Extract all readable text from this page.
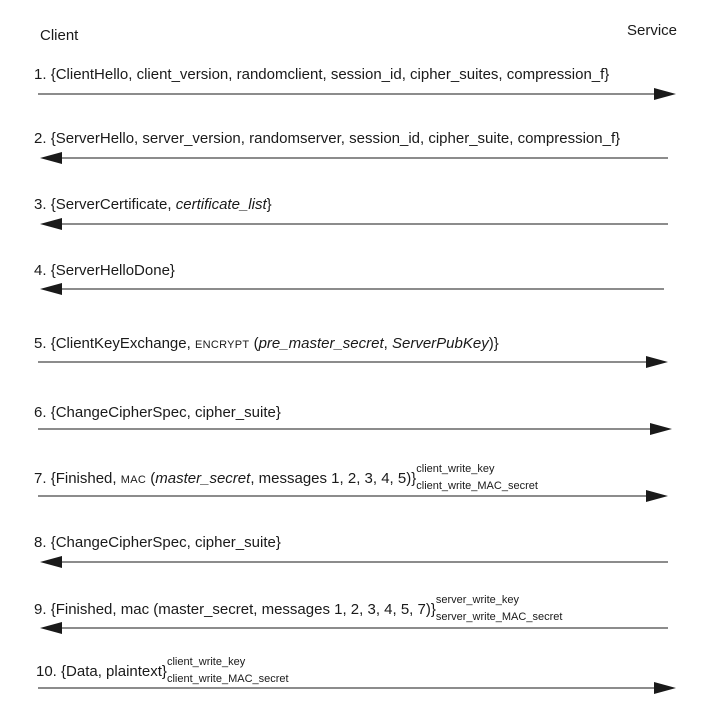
Client	Service
1. {ClientHello, client_version, randomclient, session_id, cipher_suites, compression_f}
2. {ServerHello, server_version, randomserver, session_id, cipher_suite, compression_f}
3. {ServerCertificate, certificate_list}
4. {ServerHelloDone}
5. {ClientKeyExchange, ENCRYPT (pre_master_secret, ServerPubKey)}
6. {ChangeCipherSpec, cipher_suite}
7. {Finished, MAC (master_secret, messages 1, 2, 3, 4, 5)}
client_write_key
client_write_MAC_secret
8. {ChangeCipherSpec, cipher_suite}
9. {Finished, mac (master_secret, messages 1, 2, 3, 4, 5, 7)}
server_write_key
server_write_MAC_secret
10. {Data, plaintext}
client_write_key
client_write_MAC_secret
